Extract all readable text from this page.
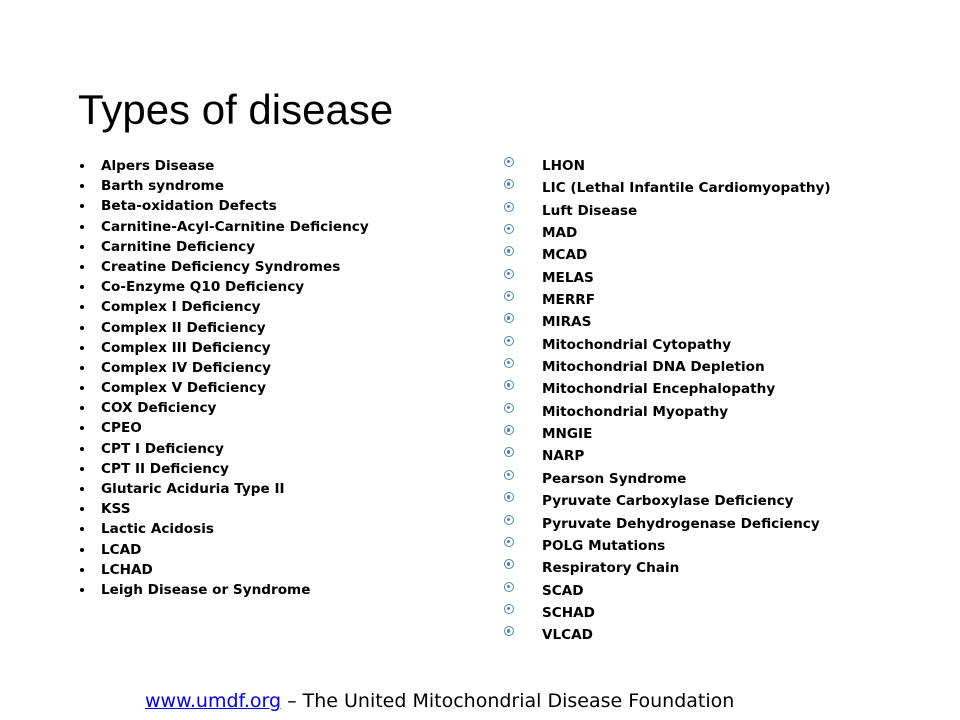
Types of disease
Alpers Disease
Barth syndrome
Beta-oxidation Defects
Carnitine-Acyl-Carnitine Deficiency
Carnitine Deficiency
Creatine Deficiency Syndromes
Co-Enzyme Q10 Deficiency
Complex I Deficiency
Complex II Deficiency
Complex III Deficiency
Complex IV Deficiency
Complex V Deficiency
COX Deficiency
CPEO
CPT I Deficiency
CPT II Deficiency
Glutaric Aciduria Type II
KSS
Lactic Acidosis
LCAD
LCHAD
Leigh Disease or Syndrome
LHON
LIC (Lethal Infantile Cardiomyopathy)
Luft Disease
MAD
MCAD
MELAS
MERRF
MIRAS
Mitochondrial Cytopathy
Mitochondrial DNA Depletion
Mitochondrial Encephalopathy
Mitochondrial Myopathy
MNGIE
NARP
Pearson Syndrome
Pyruvate Carboxylase Deficiency
Pyruvate Dehydrogenase Deficiency
POLG Mutations
Respiratory Chain
SCAD
SCHAD
VLCAD
www.umdf.org – The United Mitochondrial Disease Foundation
